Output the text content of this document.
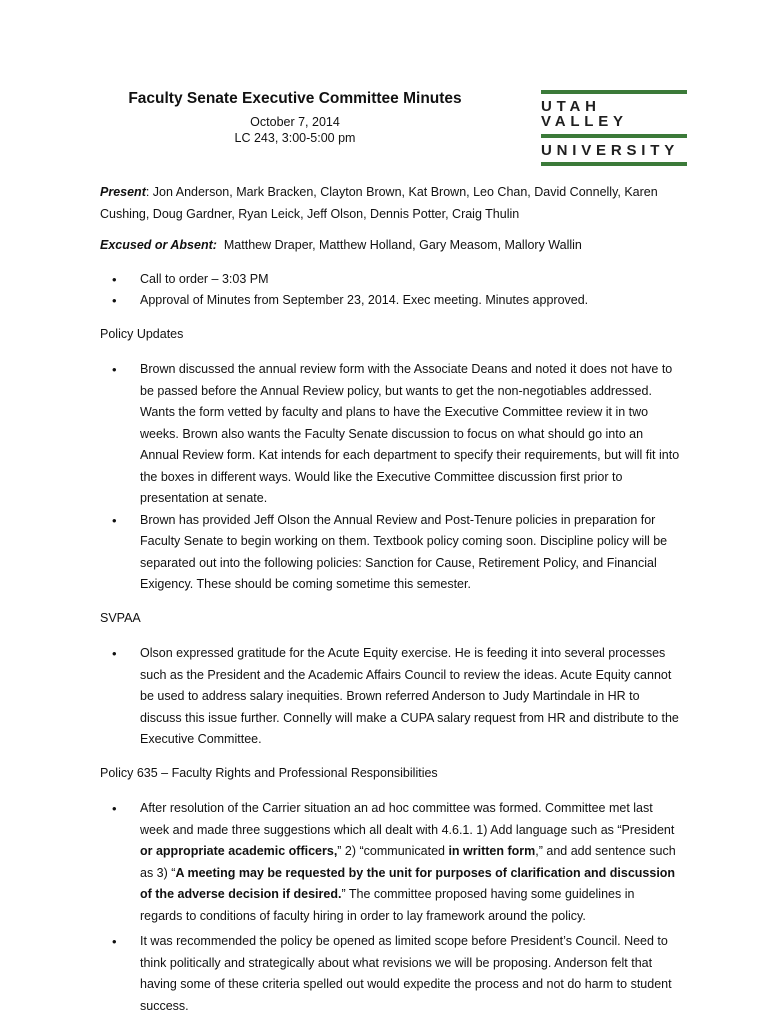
Faculty Senate Executive Committee Minutes
October 7, 2014
LC 243, 3:00-5:00 pm
UTAH VALLEY
UNIVERSITY

Present: Jon Anderson, Mark Bracken, Clayton Brown, Kat Brown, Leo Chan, David Connelly, Karen Cushing, Doug Gardner, Ryan Leick, Jeff Olson, Dennis Potter, Craig Thulin

Excused or Absent:  Matthew Draper, Matthew Holland, Gary Measom, Mallory Wallin

• Call to order – 3:03 PM
• Approval of Minutes from September 23, 2014. Exec meeting. Minutes approved.
Policy Updates
• Brown discussed the annual review form with the Associate Deans and noted it does not have to be passed before the Annual Review policy, but wants to get the non-negotiables addressed. Wants the form vetted by faculty and plans to have the Executive Committee review it in two weeks. Brown also wants the Faculty Senate discussion to focus on what should go into an Annual Review form. Kat intends for each department to specify their requirements, but will fit into the boxes in different ways. Would like the Executive Committee discussion first prior to presentation at senate.
• Brown has provided Jeff Olson the Annual Review and Post-Tenure policies in preparation for Faculty Senate to begin working on them. Textbook policy coming soon. Discipline policy will be separated out into the following policies: Sanction for Cause, Retirement Policy, and Financial Exigency. These should be coming sometime this semester.
SVPAA
• Olson expressed gratitude for the Acute Equity exercise. He is feeding it into several processes such as the President and the Academic Affairs Council to review the ideas. Acute Equity cannot be used to address salary inequities. Brown referred Anderson to Judy Martindale in HR to discuss this issue further. Connelly will make a CUPA salary request from HR and distribute to the Executive Committee.
Policy 635 – Faculty Rights and Professional Responsibilities
• After resolution of the Carrier situation an ad hoc committee was formed. Committee met last week and made three suggestions which all dealt with 4.6.1. 1) Add language such as “President or appropriate academic officers,” 2) “communicated in written form,” and add sentence such as 3) “A meeting may be requested by the unit for purposes of clarification and discussion of the adverse decision if desired.” The committee proposed having some guidelines in regards to conditions of faculty hiring in order to lay framework around the policy.
• It was recommended the policy be opened as limited scope before President’s Council. Need to think politically and strategically about what revisions we will be proposing. Anderson felt that having some of these criteria spelled out would expedite the process and not do harm to student success.
